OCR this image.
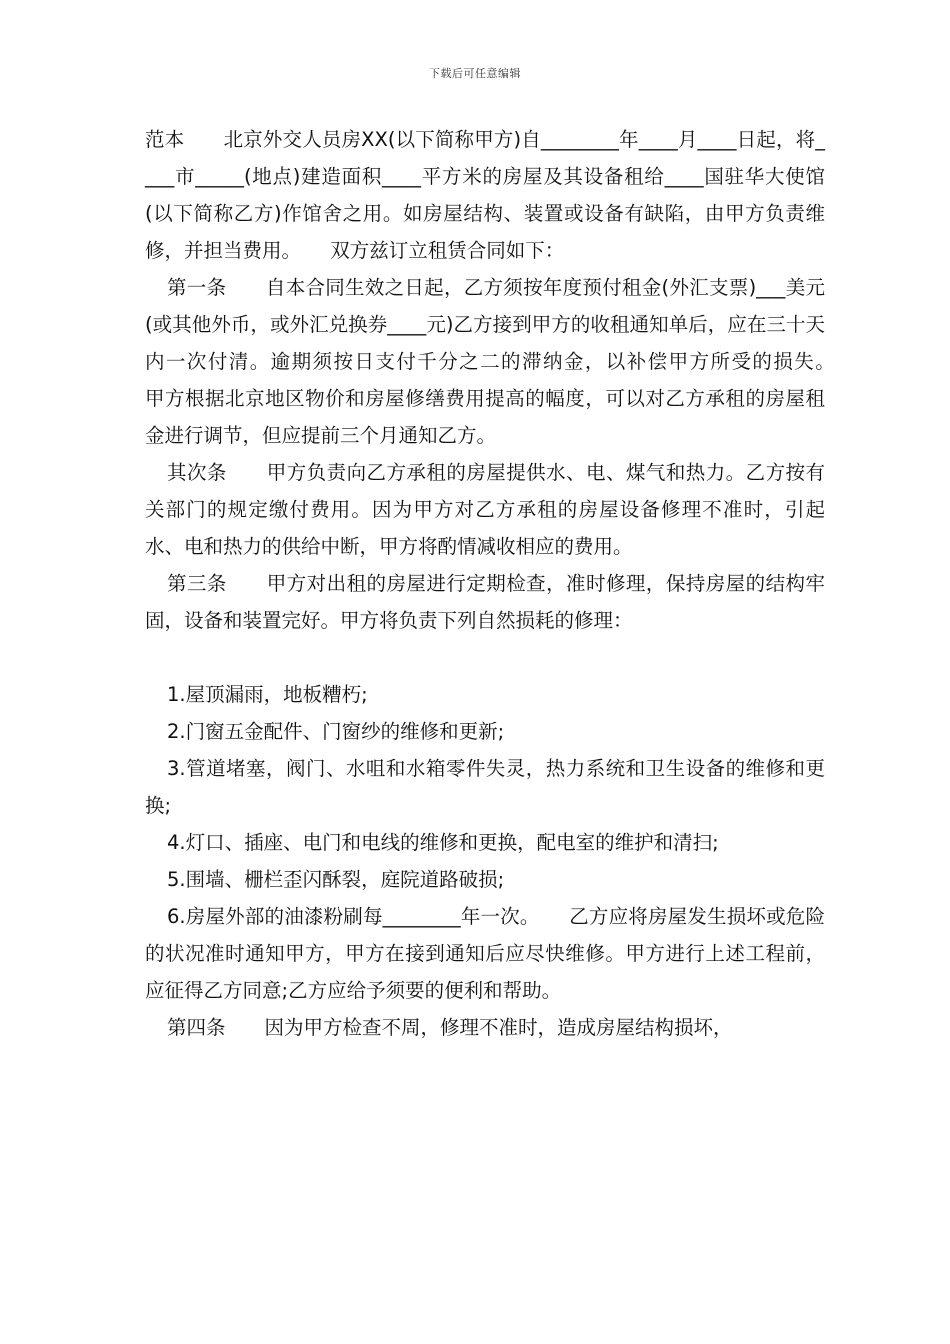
下载后可任意编辑

范本　　北京外交人员房XX(以下简称甲方)自________年____月____日起，将____市_____(地点)建造面积____平方米的房屋及其设备租给____国驻华大使馆(以下简称乙方)作馆舍之用。如房屋结构、装置或设备有缺陷，由甲方负责维修，并担当费用。　　双方兹订立租赁合同如下：

第一条　　自本合同生效之日起，乙方须按年度预付租金(外汇支票)___美元(或其他外币，或外汇兑换券____元)乙方接到甲方的收租通知单后，应在三十天内一次付清。逾期须按日支付千分之二的滞纳金，以补偿甲方所受的损失。　　甲方根据北京地区物价和房屋修缮费用提高的幅度，可以对乙方承租的房屋租金进行调节，但应提前三个月通知乙方。

其次条　　甲方负责向乙方承租的房屋提供水、电、煤气和热力。乙方按有关部门的规定缴付费用。因为甲方对乙方承租的房屋设备修理不准时，引起水、电和热力的供给中断，甲方将酌情减收相应的费用。

第三条　　甲方对出租的房屋进行定期检查，准时修理，保持房屋的结构牢固，设备和装置完好。甲方将负责下列自然损耗的修理：

1.屋顶漏雨，地板糟朽;

2.门窗五金配件、门窗纱的维修和更新;

3.管道堵塞，阀门、水咀和水箱零件失灵，热力系统和卫生设备的维修和更换;

4.灯口、插座、电门和电线的维修和更换，配电室的维护和清扫;

5.围墙、栅栏歪闪酥裂，庭院道路破损;

6.房屋外部的油漆粉刷每________年一次。　　乙方应将房屋发生损坏或危险的状况准时通知甲方，甲方在接到通知后应尽快维修。甲方进行上述工程前，应征得乙方同意;乙方应给予须要的便利和帮助。

第四条　　因为甲方检查不周，修理不准时，造成房屋结构损坏，
